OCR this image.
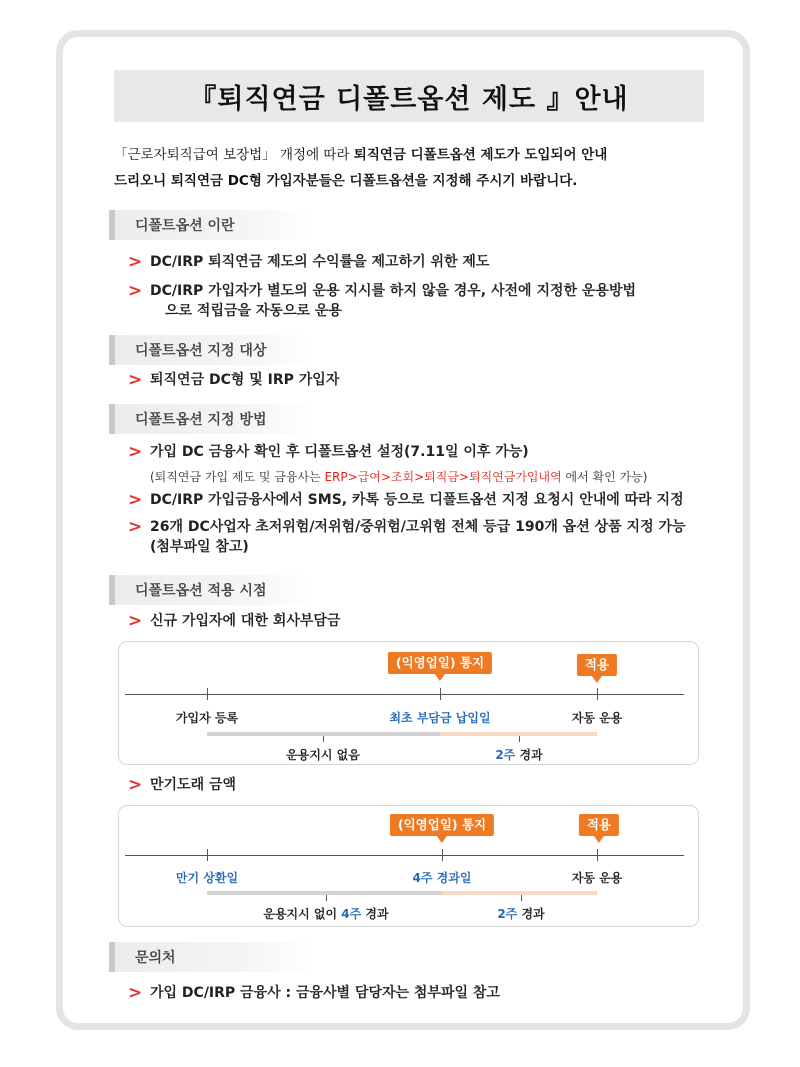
『퇴직연금 디폴트옵션 제도 』안내
「근로자퇴직급여 보장법」 개정에 따라 퇴직연금 디폴트옵션 제도가 도입되어 안내
드리오니 퇴직연금 DC형 가입자분들은 디폴트옵션을 지정해 주시기 바랍니다.
디폴트옵션 이란
> DC/IRP 퇴직연금 제도의 수익률을 제고하기 위한 제도
> DC/IRP 가입자가 별도의 운용 지시를 하지 않을 경우, 사전에 지정한 운용방법
으로 적립금을 자동으로 운용
디폴트옵션 지정 대상
> 퇴직연금 DC형 및 IRP 가입자
디폴트옵션 지정 방법
> 가입 DC 금융사 확인 후 디폴트옵션 설정(7.11일 이후 가능)
(퇴직연금 가입 제도 및 금융사는 ERP>급여>조회>퇴직금>퇴직연금가입내역 에서 확인 가능)
> DC/IRP 가입금융사에서 SMS, 카톡 등으로 디폴트옵션 지정 요청시 안내에 따라 지정
> 26개 DC사업자 초저위험/저위험/중위험/고위험 전체 등급 190개 옵션 상품 지정 가능
(첨부파일 참고)
디폴트옵션 적용 시점
> 신규 가입자에 대한 회사부담금
(익영업일) 통지	적용
가입자 등록	최초 부담금 납입일	자동 운용
운용지시 없음	2주 경과
> 만기도래 금액
(익영업일) 통지	적용
만기 상환일	4주 경과일	자동 운용
운용지시 없이 4주 경과	2주 경과
문의처
> 가입 DC/IRP 금융사 : 금융사별 담당자는 첨부파일 참고
